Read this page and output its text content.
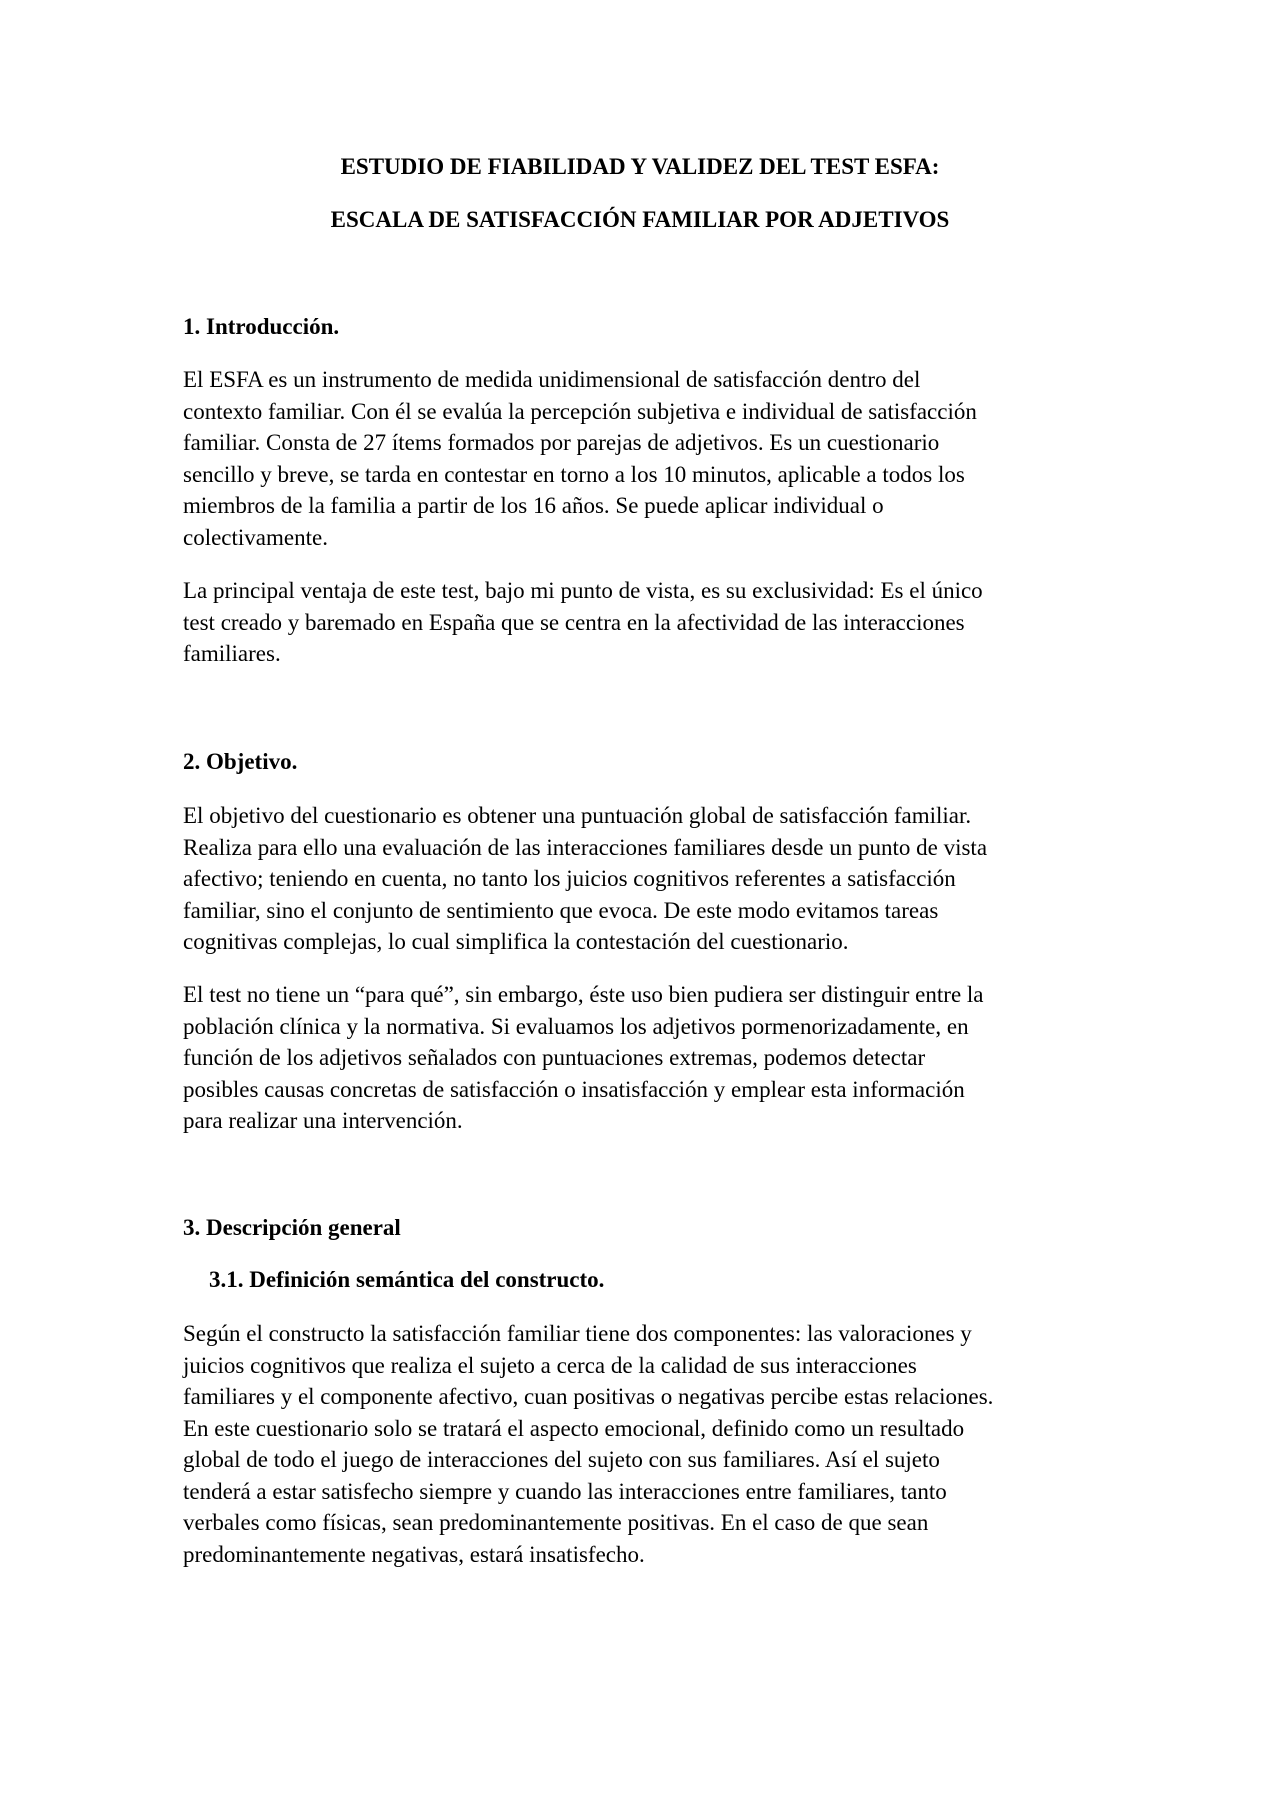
ESTUDIO DE FIABILIDAD Y VALIDEZ DEL TEST ESFA:
ESCALA DE SATISFACCIÓN FAMILIAR POR ADJETIVOS
1. Introducción.

El ESFA es un instrumento de medida unidimensional de satisfacción dentro del
contexto familiar. Con él se evalúa la percepción subjetiva e individual de satisfacción
familiar. Consta de 27 ítems formados por parejas de adjetivos. Es un cuestionario
sencillo y breve, se tarda en contestar en torno a los 10 minutos, aplicable a todos los
miembros de la familia a partir de los 16 años. Se puede aplicar individual o
colectivamente.

La principal ventaja de este test, bajo mi punto de vista, es su exclusividad: Es el único
test creado y baremado en España que se centra en la afectividad de las interacciones
familiares.

2. Objetivo.

El objetivo del cuestionario es obtener una puntuación global de satisfacción familiar.
Realiza para ello una evaluación de las interacciones familiares desde un punto de vista
afectivo; teniendo en cuenta, no tanto los juicios cognitivos referentes a satisfacción
familiar, sino el conjunto de sentimiento que evoca. De este modo evitamos tareas
cognitivas complejas, lo cual simplifica la contestación del cuestionario.

El test no tiene un “para qué”, sin embargo, éste uso bien pudiera ser distinguir entre la
población clínica y la normativa. Si evaluamos los adjetivos pormenorizadamente, en
función de los adjetivos señalados con puntuaciones extremas, podemos detectar
posibles causas concretas de satisfacción o insatisfacción y emplear esta información
para realizar una intervención.

3. Descripción general
3.1. Definición semántica del constructo.

Según el constructo la satisfacción familiar tiene dos componentes: las valoraciones y
juicios cognitivos que realiza el sujeto a cerca de la calidad de sus interacciones
familiares y el componente afectivo, cuan positivas o negativas percibe estas relaciones.
En este cuestionario solo se tratará el aspecto emocional, definido como un resultado
global de todo el juego de interacciones del sujeto con sus familiares. Así el sujeto
tenderá a estar satisfecho siempre y cuando las interacciones entre familiares, tanto
verbales como físicas, sean predominantemente positivas. En el caso de que sean
predominantemente negativas, estará insatisfecho.
